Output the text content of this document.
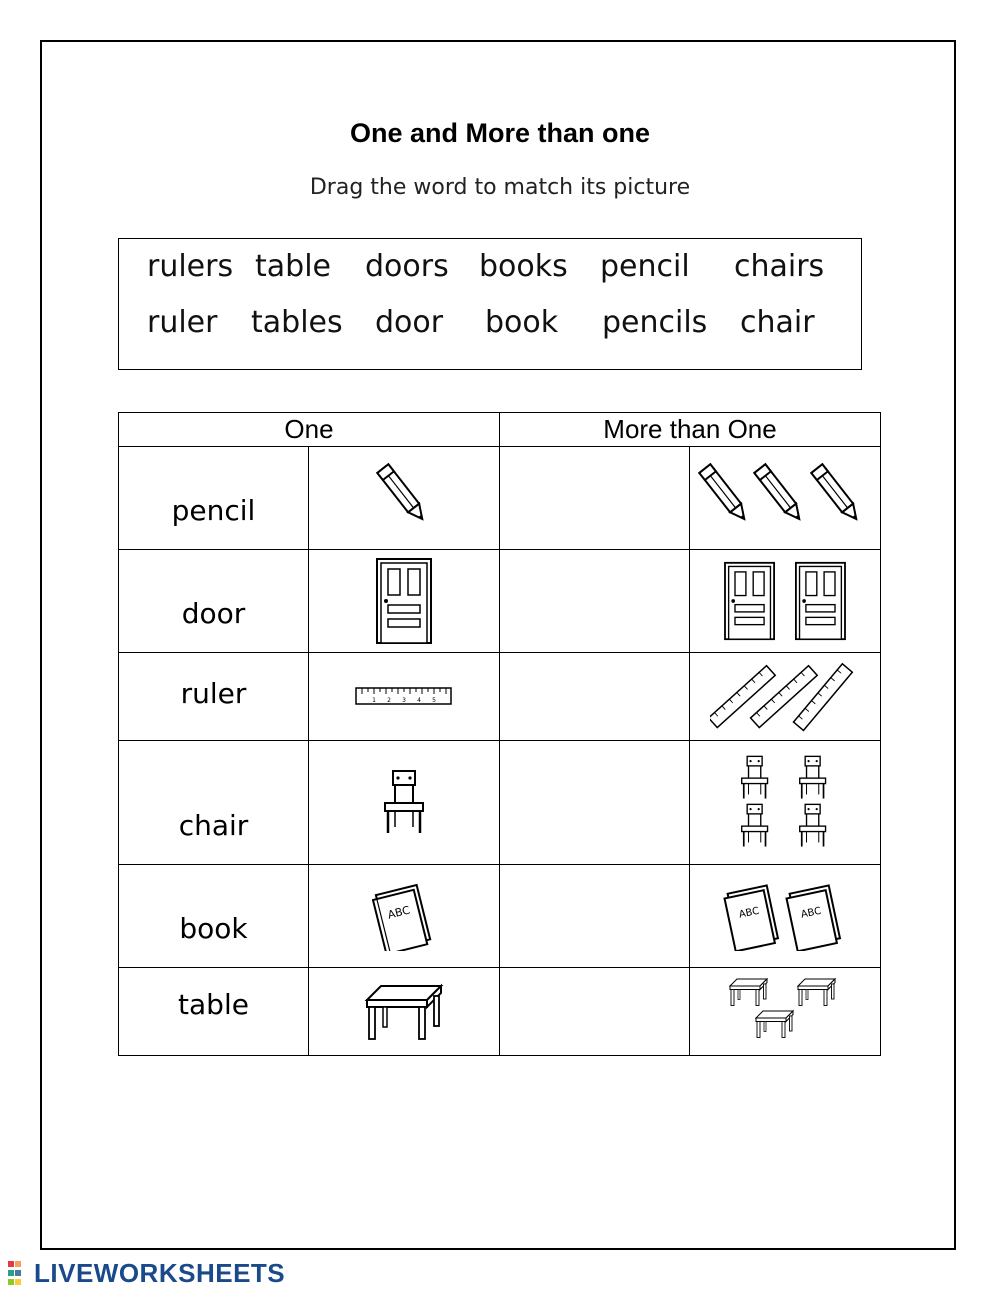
One and More than one
Drag the word to match its picture
rulers table doors books pencil chairs
ruler tables door book pencils chair
One		More than One	
pencil	

door	

ruler	1 2 3 4 5

chair	

book	ABC		ABC ABC

table	

LIVEWORKSHEETS
